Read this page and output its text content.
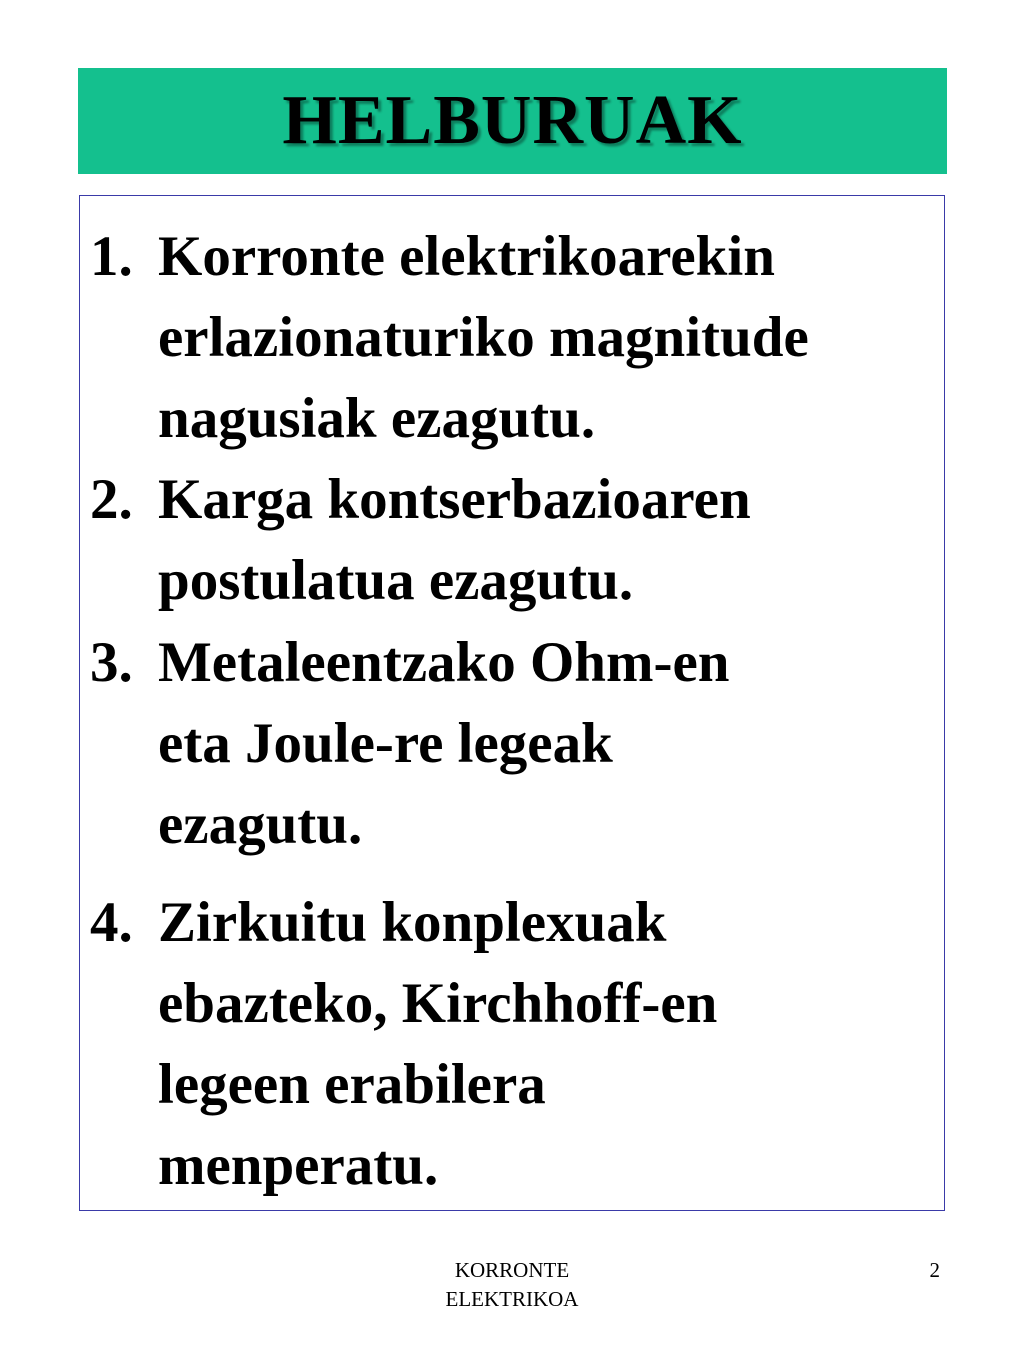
HELBURUAK
1. Korronte elektrikoarekin
erlazionaturiko magnitude
nagusiak ezagutu.
2. Karga kontserbazioaren
postulatua ezagutu.
3. Metaleentzako Ohm-en
eta Joule-re legeak
ezagutu.
4. Zirkuitu konplexuak
ebazteko, Kirchhoff-en
legeen erabilera
menperatu.
KORRONTE
ELEKTRIKOA
2
